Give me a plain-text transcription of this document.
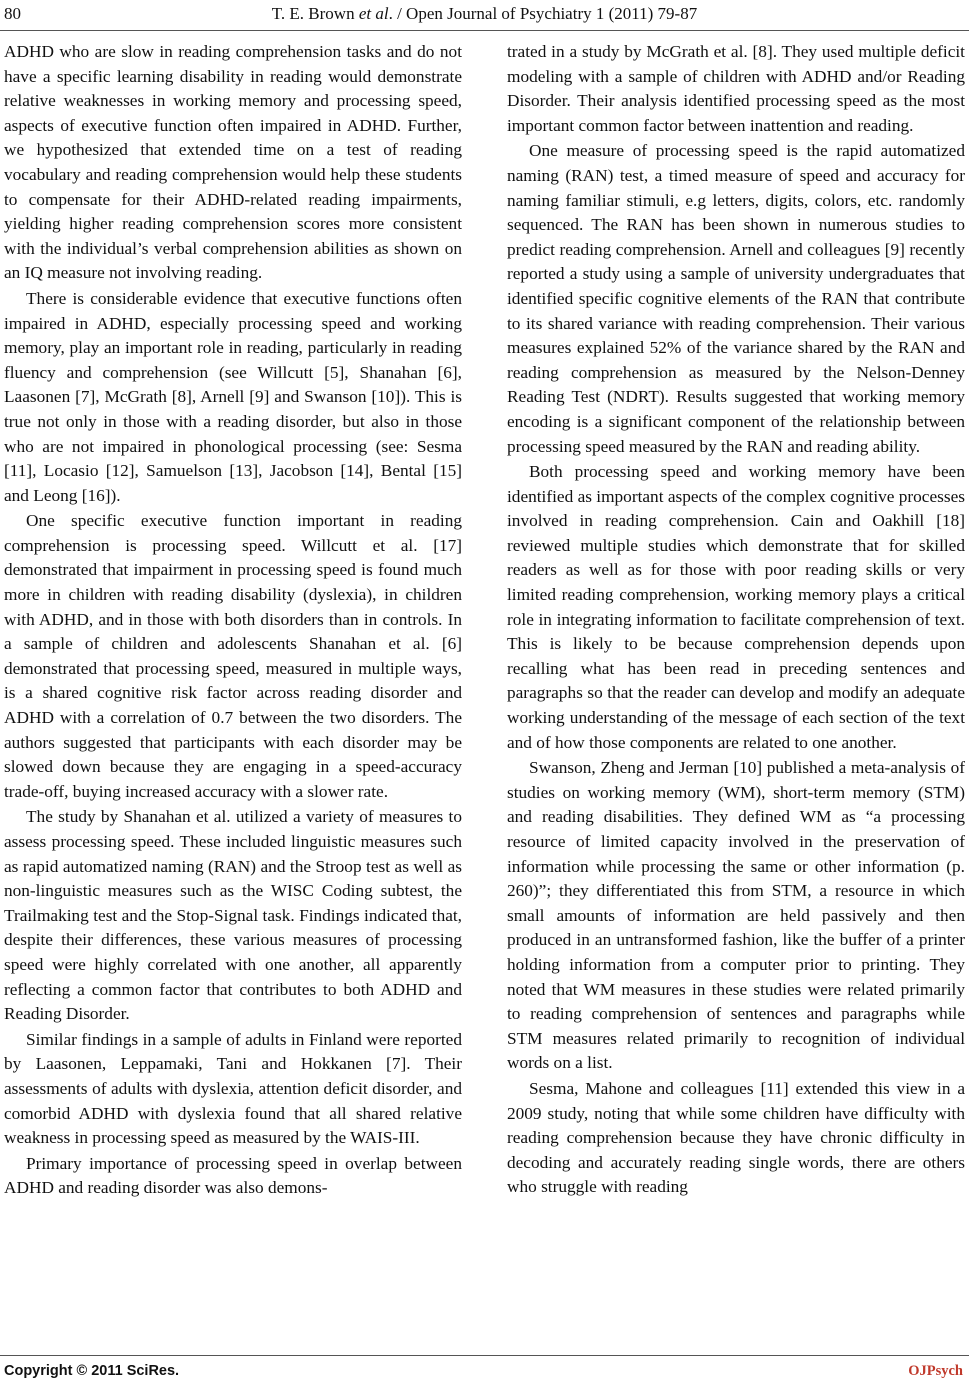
80	T. E. Brown et al. / Open Journal of Psychiatry 1 (2011) 79-87

ADHD who are slow in reading comprehension tasks and do not have a specific learning disability in reading would demonstrate relative weaknesses in working memory and processing speed, aspects of executive function often impaired in ADHD. Further, we hypothesized that extended time on a test of reading vocabulary and reading comprehension would help these students to compensate for their ADHD-related reading impairments, yielding higher reading comprehension scores more consistent with the individual’s verbal comprehension abilities as shown on an IQ measure not involving reading.

There is considerable evidence that executive functions often impaired in ADHD, especially processing speed and working memory, play an important role in reading, particularly in reading fluency and comprehension (see Willcutt [5], Shanahan [6], Laasonen [7], McGrath [8], Arnell [9] and Swanson [10]). This is true not only in those with a reading disorder, but also in those who are not impaired in phonological processing (see: Sesma [11], Locasio [12], Samuelson [13], Jacobson [14], Bental [15] and Leong [16]).

One specific executive function important in reading comprehension is processing speed. Willcutt et al. [17] demonstrated that impairment in processing speed is found much more in children with reading disability (dyslexia), in children with ADHD, and in those with both disorders than in controls. In a sample of children and adolescents Shanahan et al. [6] demonstrated that processing speed, measured in multiple ways, is a shared cognitive risk factor across reading disorder and ADHD with a correlation of 0.7 between the two disorders. The authors suggested that participants with each disorder may be slowed down because they are engaging in a speed-accuracy trade-off, buying increased accuracy with a slower rate.

The study by Shanahan et al. utilized a variety of measures to assess processing speed. These included linguistic measures such as rapid automatized naming (RAN) and the Stroop test as well as non-linguistic measures such as the WISC Coding subtest, the Trailmaking test and the Stop-Signal task. Findings indicated that, despite their differences, these various measures of processing speed were highly correlated with one another, all apparently reflecting a common factor that contributes to both ADHD and Reading Disorder.

Similar findings in a sample of adults in Finland were reported by Laasonen, Leppamaki, Tani and Hokkanen [7]. Their assessments of adults with dyslexia, attention deficit disorder, and comorbid ADHD with dyslexia found that all shared relative weakness in processing speed as measured by the WAIS-III.

Primary importance of processing speed in overlap between ADHD and reading disorder was also demons-

trated in a study by McGrath et al. [8]. They used multiple deficit modeling with a sample of children with ADHD and/or Reading Disorder. Their analysis identified processing speed as the most important common factor between inattention and reading.

One measure of processing speed is the rapid automatized naming (RAN) test, a timed measure of speed and accuracy for naming familiar stimuli, e.g letters, digits, colors, etc. randomly sequenced. The RAN has been shown in numerous studies to predict reading comprehension. Arnell and colleagues [9] recently reported a study using a sample of university undergraduates that identified specific cognitive elements of the RAN that contribute to its shared variance with reading comprehension. Their various measures explained 52% of the variance shared by the RAN and reading comprehension as measured by the Nelson-Denney Reading Test (NDRT). Results suggested that working memory encoding is a significant component of the relationship between processing speed measured by the RAN and reading ability.

Both processing speed and working memory have been identified as important aspects of the complex cognitive processes involved in reading comprehension. Cain and Oakhill [18] reviewed multiple studies which demonstrate that for skilled readers as well as for those with poor reading skills or very limited reading comprehension, working memory plays a critical role in integrating information to facilitate comprehension of text. This is likely to be because comprehension depends upon recalling what has been read in preceding sentences and paragraphs so that the reader can develop and modify an adequate working understanding of the message of each section of the text and of how those components are related to one another.

Swanson, Zheng and Jerman [10] published a meta-analysis of studies on working memory (WM), short-term memory (STM) and reading disabilities. They defined WM as “a processing resource of limited capacity involved in the preservation of information while processing the same or other information (p. 260)”; they differentiated this from STM, a resource in which small amounts of information are held passively and then produced in an untransformed fashion, like the buffer of a printer holding information from a computer prior to printing. They noted that WM measures in these studies were related primarily to reading comprehension of sentences and paragraphs while STM measures related primarily to recognition of individual words on a list.

Sesma, Mahone and colleagues [11] extended this view in a 2009 study, noting that while some children have difficulty with reading comprehension because they have chronic difficulty in decoding and accurately reading single words, there are others who struggle with reading

Copyright © 2011 SciRes.	OJPsych
